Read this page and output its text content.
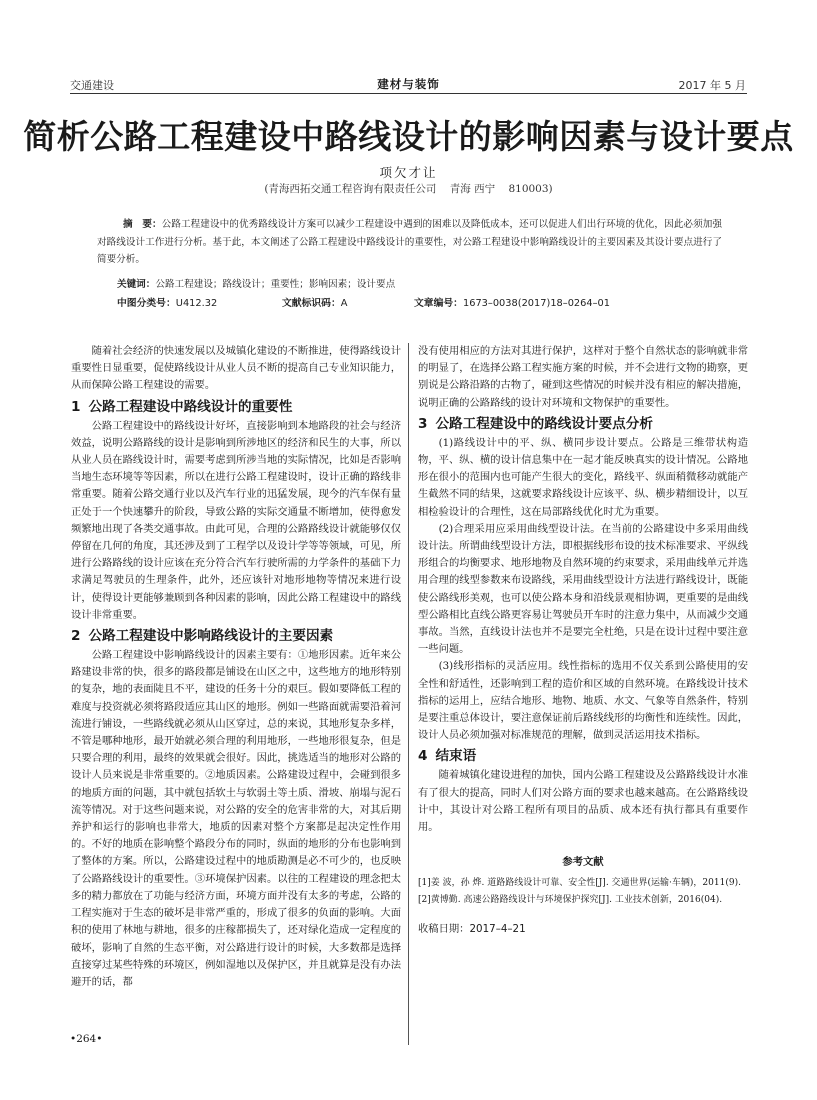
交通建设	建材与装饰	2017 年 5 月
简析公路工程建设中路线设计的影响因素与设计要点
项欠才让
(青海西拓交通工程咨询有限责任公司    青海 西宁    810003)
摘　要：公路工程建设中的优秀路线设计方案可以减少工程建设中遇到的困难以及降低成本，还可以促进人们出行环境的优化，因此必须加强对路线设计工作进行分析。基于此，本文阐述了公路工程建设中路线设计的重要性，对公路工程建设中影响路线设计的主要因素及其设计要点进行了简要分析。
关键词：公路工程建设；路线设计；重要性；影响因素；设计要点
中图分类号：U412.32	文献标识码：A	文章编号：1673–0038(2017)18–0264–01

随着社会经济的快速发展以及城镇化建设的不断推进，使得路线设计重要性日显重要，促使路线设计从业人员不断的提高自己专业知识能力，从而保障公路工程建设的需要。

1 公路工程建设中路线设计的重要性

公路工程建设中的路线设计好坏，直接影响到本地路段的社会与经济效益，说明公路路线的设计是影响到所涉地区的经济和民生的大事，所以从业人员在路线设计时，需要考虑到所涉当地的实际情况，比如是否影响当地生态环境等等因素，所以在进行公路工程建设时，设计正确的路线非常重要。随着公路交通行业以及汽车行业的迅猛发展，现今的汽车保有量正处于一个快速攀升的阶段，导致公路的实际交通量不断增加，使得愈发频繁地出现了各类交通事故。由此可见，合理的公路路线设计就能够仅仅停留在几何的角度，其还涉及到了工程学以及设计学等等领域，可见，所进行公路路线的设计应该在充分符合汽车行驶所需的力学条件的基础下力求满足驾驶员的生理条件，此外，还应该针对地形地物等情况来进行设计，使得设计更能够兼顾到各种因素的影响，因此公路工程建设中的路线设计非常重要。

2 公路工程建设中影响路线设计的主要因素

公路工程建设中影响路线设计的因素主要有：①地形因素。近年来公路建设非常的快，很多的路段都是铺设在山区之中，这些地方的地形特别的复杂，地的表面陡且不平，建设的任务十分的艰巨。假如要降低工程的难度与投资就必须将路段适应其山区的地形。例如一些路面就需要沿着河流进行铺设，一些路线就必须从山区穿过，总的来说，其地形复杂多样，不管是哪种地形，最开始就必须合理的利用地形，一些地形很复杂，但是只要合理的利用，最终的效果就会很好。因此，挑选适当的地形对公路的设计人员来说是非常重要的。②地质因素。公路建设过程中，会碰到很多的地质方面的问题，其中就包括软土与软弱土等土质、滑坡、崩塌与泥石流等情况。对于这些问题来说，对公路的安全的危害非常的大，对其后期养护和运行的影响也非常大，地质的因素对整个方案都是起决定性作用的。不好的地质在影响整个路段分布的同时，纵面的地形的分布也影响到了整体的方案。所以，公路建设过程中的地质勘测是必不可少的，也反映了公路路线设计的重要性。③环境保护因素。以往的工程建设的理念把太多的精力都放在了功能与经济方面，环境方面并没有太多的考虑，公路的工程实施对于生态的破坏是非常严重的，形成了很多的负面的影响。大面积的使用了林地与耕地，很多的庄稼都损失了，还对绿化造成一定程度的破坏，影响了自然的生态平衡，对公路进行设计的时候，大多数都是选择直接穿过某些特殊的环境区，例如湿地以及保护区，并且就算是没有办法避开的话，都

没有使用相应的方法对其进行保护，这样对于整个自然状态的影响就非常的明显了，在选择公路工程实施方案的时候，并不会进行文物的勘察，更别说是公路沿路的古物了，碰到这些情况的时候并没有相应的解决措施，说明正确的公路路线的设计对环境和文物保护的重要性。

3 公路工程建设中的路线设计要点分析

(1)路线设计中的平、纵、横同步设计要点。公路是三维带状构造物，平、纵、横的设计信息集中在一起才能反映真实的设计情况。公路地形在很小的范围内也可能产生很大的变化，路线平、纵面稍微移动就能产生截然不同的结果，这就要求路线设计应该平、纵、横步精细设计，以互相检验设计的合理性，这在局部路线优化时尤为重要。

(2)合理采用应采用曲线型设计法。在当前的公路建设中多采用曲线设计法。所谓曲线型设计方法，即根据线形布设的技术标准要求、平纵线形组合的均衡要求、地形地物及自然环境的约束要求，采用曲线单元并选用合理的线型参数来布设路线，采用曲线型设计方法进行路线设计，既能使公路线形美观，也可以使公路本身和沿线景观相协调，更重要的是曲线型公路相比直线公路更容易让驾驶员开车时的注意力集中，从而减少交通事故。当然，直线设计法也并不是要完全杜绝，只是在设计过程中要注意一些问题。

(3)线形指标的灵活应用。线性指标的选用不仅关系到公路使用的安全性和舒适性，还影响到工程的造价和区域的自然环境。在路线设计技术指标的运用上，应结合地形、地物、地质、水文、气象等自然条件，特别是要注重总体设计，要注意保证前后路线线形的均衡性和连续性。因此，设计人员必须加强对标准规范的理解，做到灵活运用技术指标。

4 结束语

随着城镇化建设进程的加快，国内公路工程建设及公路路线设计水准有了很大的提高，同时人们对公路方面的要求也越来越高。在公路路线设计中，其设计对公路工程所有项目的品质、成本还有执行都具有重要作用。

参考文献

[1]姜 波，孙 烨. 道路路线设计可靠、安全性[J]. 交通世界(运输·车辆)，2011(9).

[2]黄博勤. 高速公路路线设计与环境保护探究[J]. 工业技术创新，2016(04).

收稿日期：2017–4–21

•264•
